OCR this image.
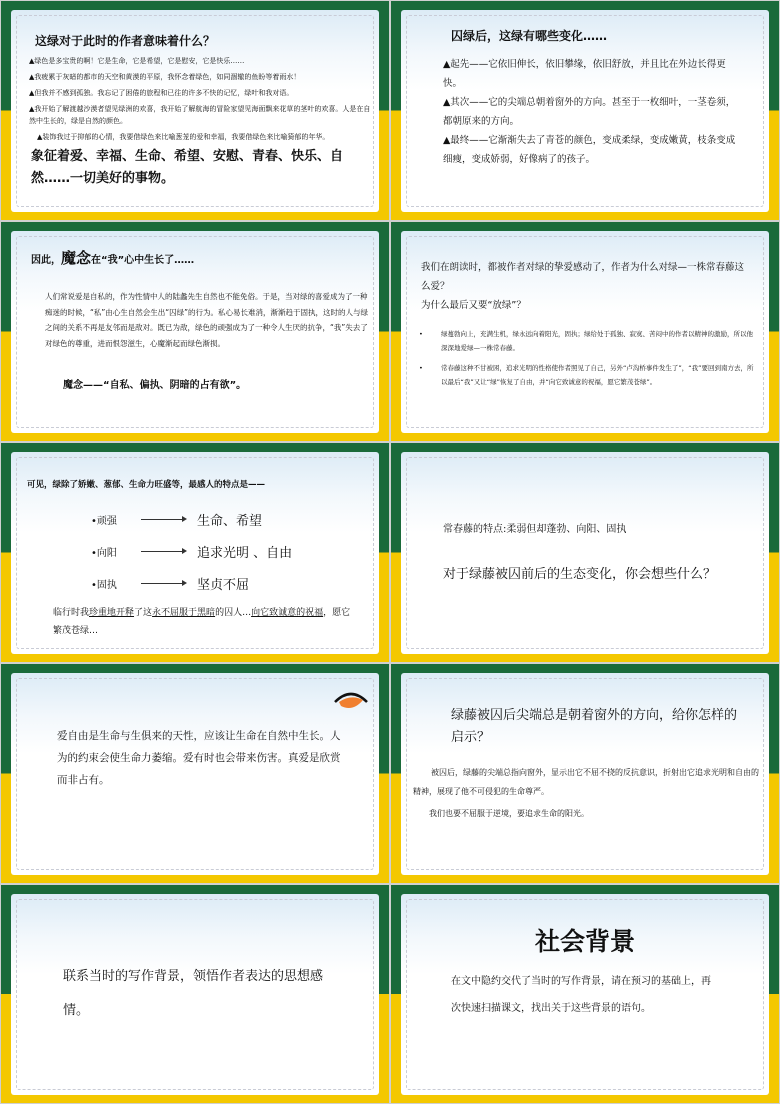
这绿对于此时的作者意味着什么？
▲绿色是多宝贵的啊！它是生命，它是希望，它是慰安，它是快乐……
▲我疲累于灰暗的都市的天空和黄漠的平原，我怀念着绿色，如同涸辙的鱼盼等着雨水！
▲但我并不感到孤独。我忘记了困倦的旅程和已往的许多不快的记忆，绿叶和我对语。
▲我开始了解渡越沙漠者望见绿洲的欢喜，我开始了解航海的冒险家望见海面飘来花草的茎叶的欢喜。人是在自然中生长的，绿是自然的颜色。
▲装饰我过于抑郁的心情，我要借绿色来比喻葱茏的爱和幸福，我要借绿色来比喻猗郁的年华。
象征着爱、幸福、生命、希望、安慰、青春、快乐、自然……一切美好的事物。
囚绿后，这绿有哪些变化……
▲起先——它依旧伸长，依旧攀缘，依旧舒放，并且比在外边长得更快。
▲其次——它的尖端总朝着窗外的方向。甚至于一枚细叶，一茎卷须，都朝原来的方向。
▲最终——它渐渐失去了青苍的颜色，变成柔绿，变成嫩黄，枝条变成细瘦，变成娇弱，好像病了的孩子。
因此，魔念在“我”心中生长了……
人们常说爱是自私的，作为性情中人的陆蠡先生自然也不能免俗。于是，当对绿的喜爱成为了一种痴迷的时候，“私”由心生自然会生出“囚绿”的行为。私心易长难消，渐渐趋于固执，这时的人与绿之间的关系不再是友邻而是敌对。既已为敌，绿色的顽强成为了一种令人生厌的抗争，“我”失去了对绿色的尊重，进而恨怨滋生，心魔渐起而绿色渐损。
魔念——“自私、偏执、阴暗的占有欲”。
我们在朗读时，都被作者对绿的挚爱感动了，作者为什么对绿—一株常春藤这么爱？
为什么最后又要“放绿”？
•	绿蔓勃向上，充满生机，绿永远向着阳光，固执；绿给处于孤独、寂寞、苦闷中的作者以精神的激励，所以他深深地爱绿—一株常春藤。
•	常春藤这种不甘被困，追求光明的性格使作者照见了自己，另外“卢沟桥事件发生了”，“我”要回到南方去，所以最后“我”又让“绿”恢复了自由，并“向它致诚意的祝福，愿它繁茂苍绿”。
可见，绿除了娇嫩、葱郁、生命力旺盛等，最感人的特点是——
•顽强	生命、希望
•向阳	追求光明 、自由
•固执	坚贞不屈
临行时我珍重地开释了这永不屈服于黑暗的囚人…向它致诚意的祝福，愿它繁茂苍绿…
常春藤的特点:柔弱但却蓬勃、向阳、固执
对于绿藤被囚前后的生态变化，你会想些什么？
爱自由是生命与生俱来的天性，应该让生命在自然中生长。人为的约束会使生命力萎缩。爱有时也会带来伤害。真爱是欣赏而非占有。
绿藤被囚后尖端总是朝着窗外的方向，给你怎样的启示？
被囚后，绿藤的尖端总指向窗外，显示出它不屈不挠的反抗意识，折射出它追求光明和自由的精神，展现了他不可侵犯的生命尊严。
我们也要不屈服于逆境，要追求生命的阳光。
联系当时的写作背景，领悟作者表达的思想感情。
社会背景
在文中隐约交代了当时的写作背景，请在预习的基础上，再次快速扫描课文，找出关于这些背景的语句。
